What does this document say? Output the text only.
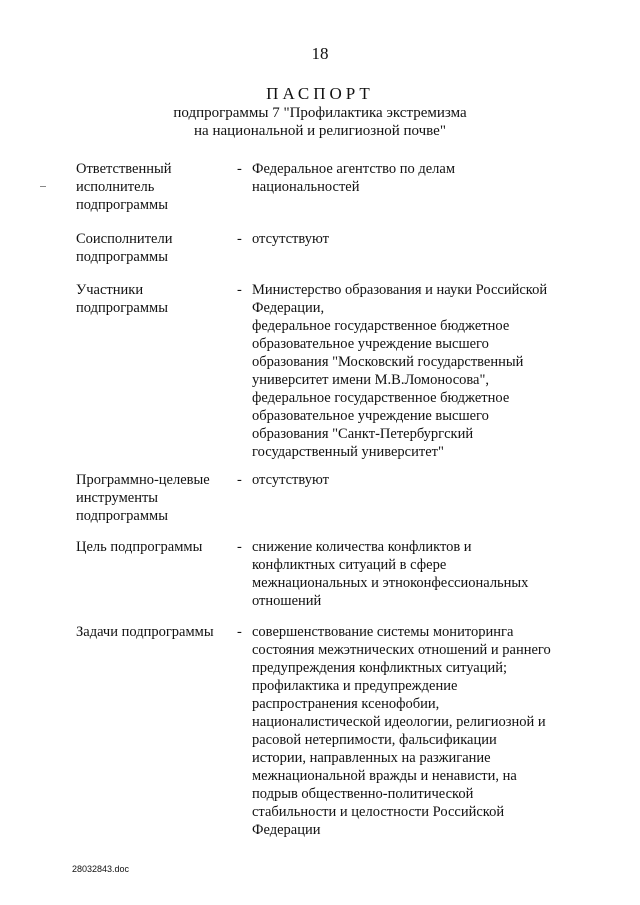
18
ПАСПОРТ
подпрограммы 7 "Профилактика экстремизма
на национальной и религиозной почве"
Ответственный
исполнитель
подпрограммы
- Федеральное агентство по делам
национальностей
Соисполнители
подпрограммы
- отсутствуют
Участники
подпрограммы
- Министерство образования и науки Российской
Федерации,
федеральное государственное бюджетное
образовательное учреждение высшего
образования "Московский государственный
университет имени М.В.Ломоносова",
федеральное государственное бюджетное
образовательное учреждение высшего
образования "Санкт-Петербургский
государственный университет"
Программно-целевые
инструменты
подпрограммы
- отсутствуют
Цель подпрограммы	- снижение количества конфликтов и
конфликтных ситуаций в сфере
межнациональных и этноконфессиональных
отношений
Задачи подпрограммы	- совершенствование системы мониторинга
состояния межэтнических отношений и раннего
предупреждения конфликтных ситуаций;
профилактика и предупреждение
распространения ксенофобии,
националистической идеологии, религиозной и
расовой нетерпимости, фальсификации
истории, направленных на разжигание
межнациональной вражды и ненависти, на
подрыв общественно-политической
стабильности и целостности Российской
Федерации
28032843.doc
